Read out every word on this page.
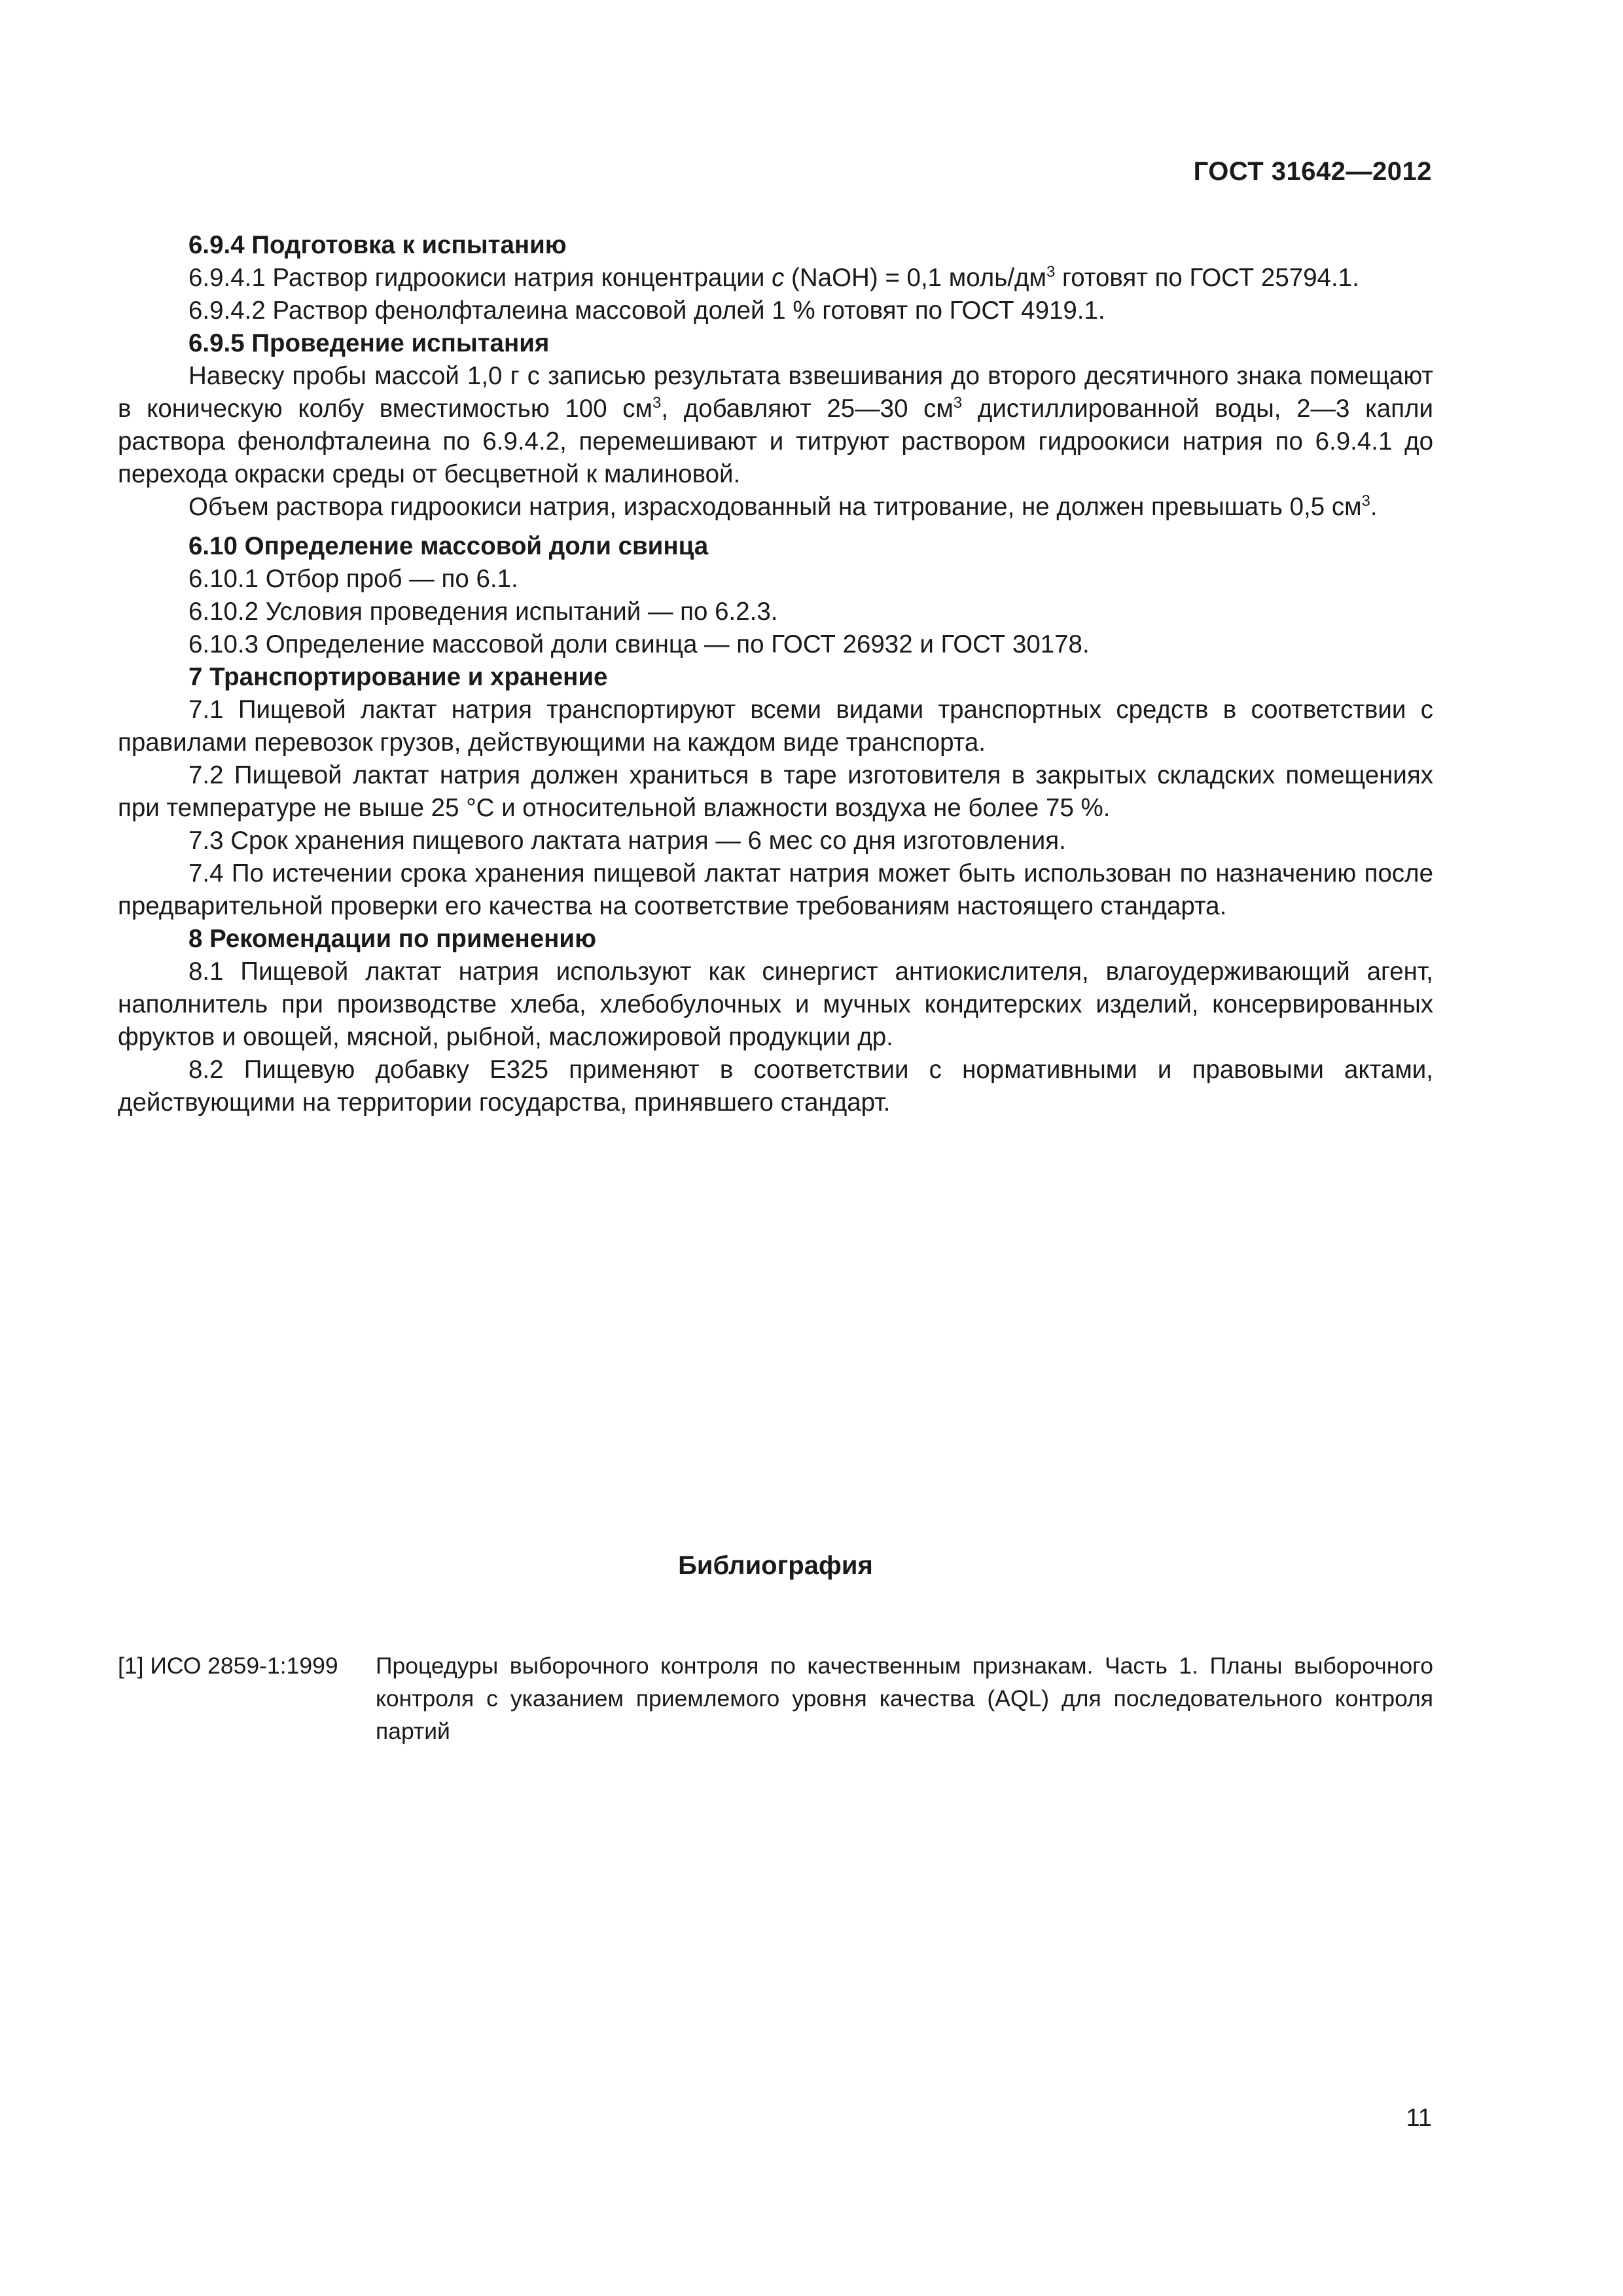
ГОСТ 31642—2012

6.9.4 Подготовка к испытанию

6.9.4.1 Раствор гидроокиси натрия концентрации c (NaOH) = 0,1 моль/$дм^3$ готовят по ГОСТ 25794.1.

6.9.4.2 Раствор фенолфталеина массовой долей 1 % готовят по ГОСТ 4919.1.

6.9.5 Проведение испытания

Навеску пробы массой 1,0 г с записью результата взвешивания до второго десятичного знака помещают в коническую колбу вместимостью 100 $см^3$, добавляют 25—30 $см^3$ дистиллированной воды, 2—3 капли раствора фенолфталеина по 6.9.4.2, перемешивают и титруют раствором гидроокиси натрия по 6.9.4.1 до перехода окраски среды от бесцветной к малиновой.

Объем раствора гидроокиси натрия, израсходованный на титрование, не должен превышать 0,5 $см^3$.

6.10 Определение массовой доли свинца

6.10.1 Отбор проб — по 6.1.

6.10.2 Условия проведения испытаний — по 6.2.3.

6.10.3 Определение массовой доли свинца — по ГОСТ 26932 и ГОСТ 30178.

7 Транспортирование и хранение

7.1 Пищевой лактат натрия транспортируют всеми видами транспортных средств в соответствии с правилами перевозок грузов, действующими на каждом виде транспорта.

7.2 Пищевой лактат натрия должен храниться в таре изготовителя в закрытых складских помещениях при температуре не выше 25 °С и относительной влажности воздуха не более 75 %.

7.3 Срок хранения пищевого лактата натрия — 6 мес со дня изготовления.

7.4 По истечении срока хранения пищевой лактат натрия может быть использован по назначению после предварительной проверки его качества на соответствие требованиям настоящего стандарта.

8 Рекомендации по применению

8.1 Пищевой лактат натрия используют как синергист антиокислителя, влагоудерживающий агент, наполнитель при производстве хлеба, хлебобулочных и мучных кондитерских изделий, консервированных фруктов и овощей, мясной, рыбной, масложировой продукции др.

8.2 Пищевую добавку Е325 применяют в соответствии с нормативными и правовыми актами, действующими на территории государства, принявшего стандарт.

Библиография
[1] ИСО 2859-1:1999 Процедуры выборочного контроля по качественным признакам. Часть 1. Планы выборочного контроля с указанием приемлемого уровня качества (AQL) для последовательного контроля партий

11
